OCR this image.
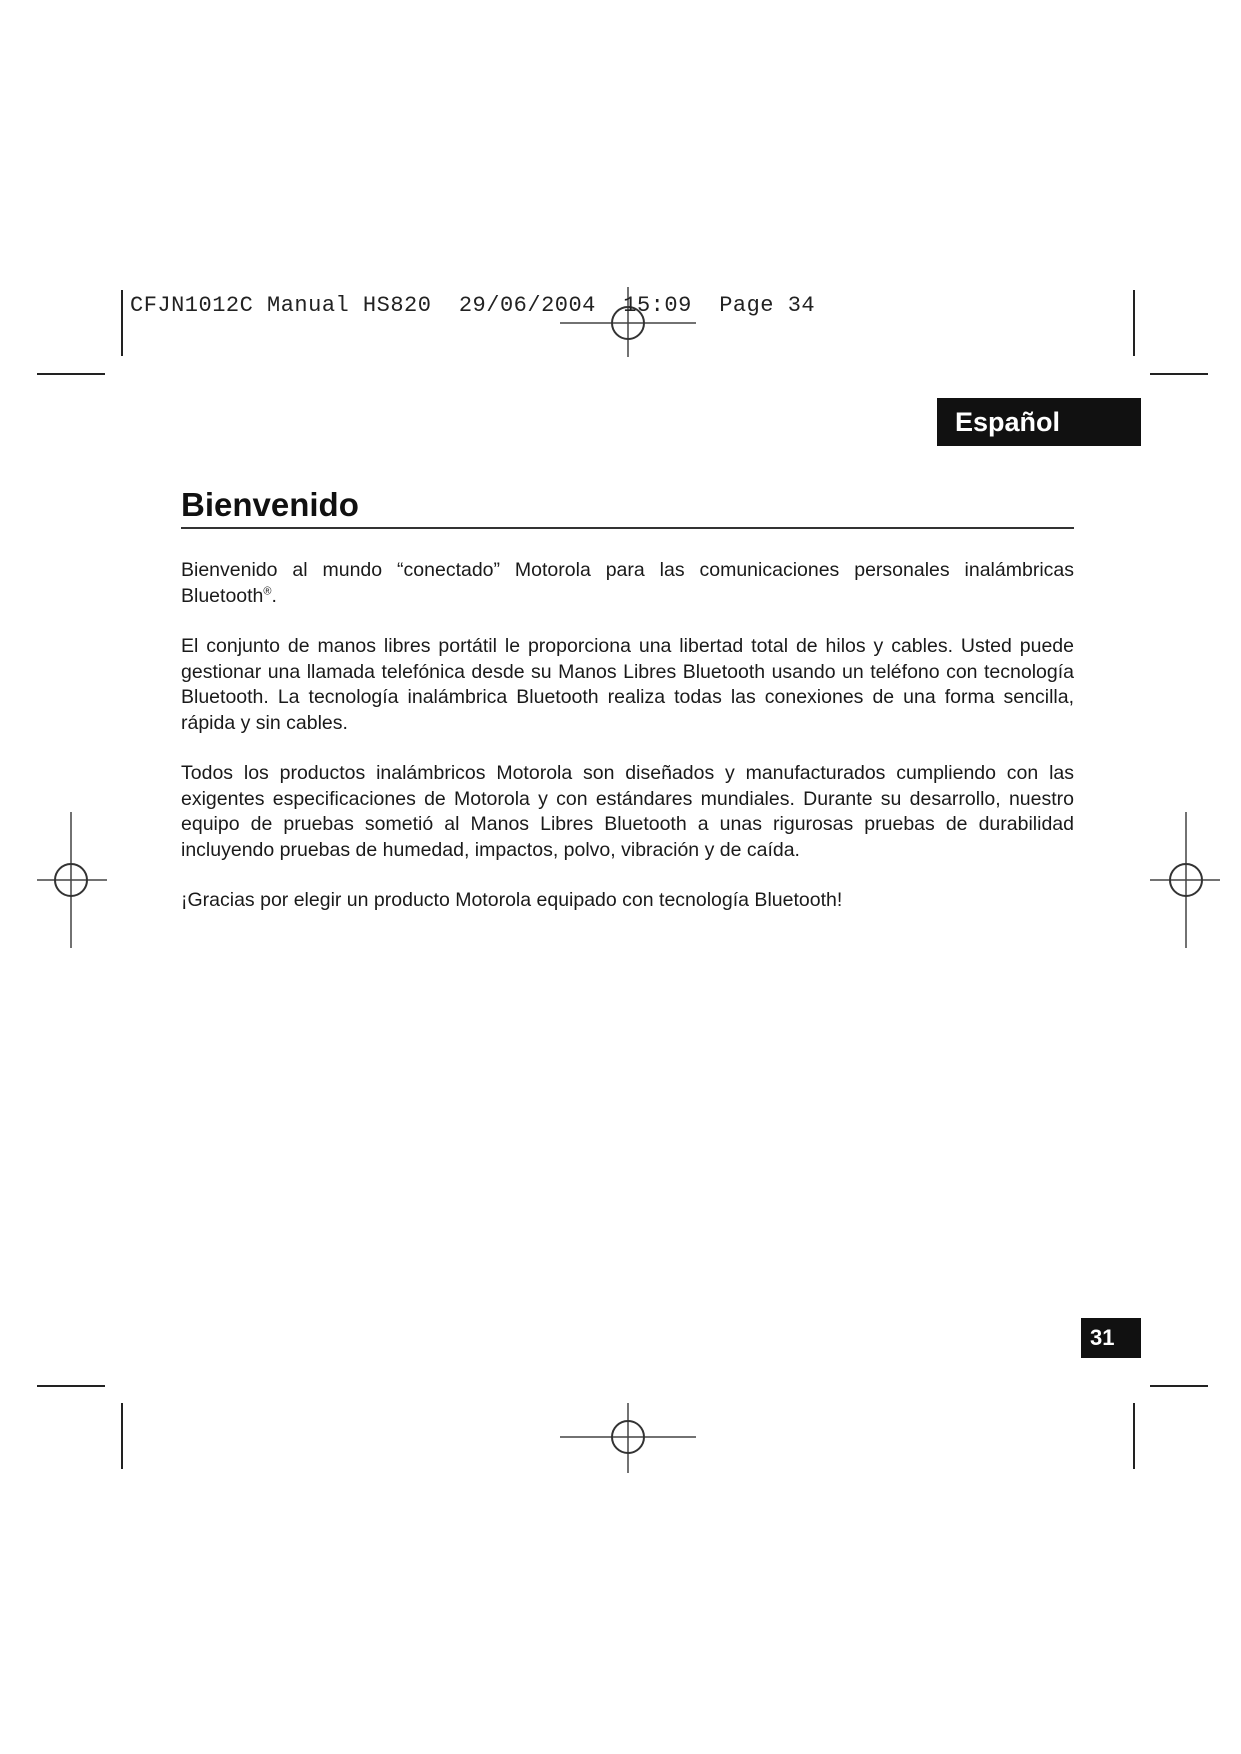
CFJN1012C Manual HS820  29/06/2004  15:09  Page 34
Español
Bienvenido

Bienvenido al mundo “conectado” Motorola para las comunicaciones personales inalámbricas Bluetooth®.

El conjunto de manos libres portátil le proporciona una libertad total de hilos y cables. Usted puede gestionar una llamada telefónica desde su Manos Libres Bluetooth usando un teléfono con tecnología Bluetooth. La tecnología inalámbrica Bluetooth realiza todas las conexiones de una forma sencilla, rápida y sin cables.

Todos los productos inalámbricos Motorola son diseñados y manufacturados cumpliendo con las exigentes especificaciones de Motorola y con estándares mundiales. Durante su desarrollo, nuestro equipo de pruebas sometió al Manos Libres Bluetooth a unas rigurosas pruebas de durabilidad incluyendo pruebas de humedad, impactos, polvo, vibración y de caída.

¡Gracias por elegir un producto Motorola equipado con tecnología Bluetooth!

31
